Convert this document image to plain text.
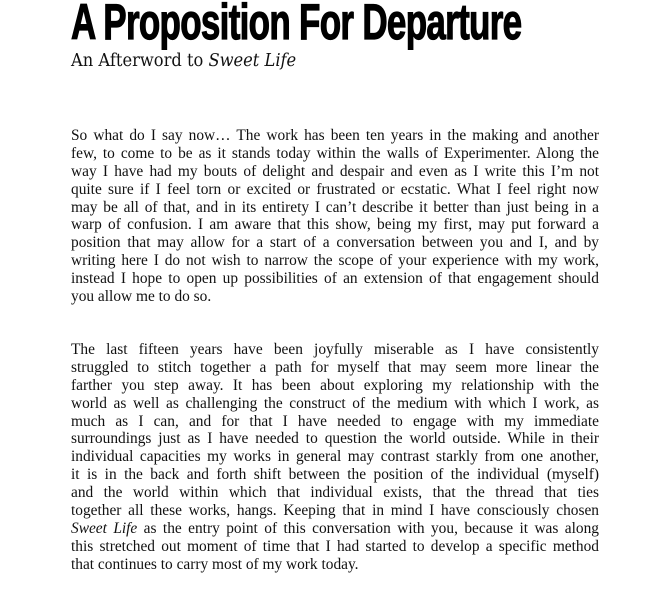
A Proposition For Departure
An Afterword to Sweet Life
So what do I say now… The work has been ten years in the making and another
few, to come to be as it stands today within the walls of Experimenter. Along the
way I have had my bouts of delight and despair and even as I write this I’m not
quite sure if I feel torn or excited or frustrated or ecstatic. What I feel right now
may be all of that, and in its entirety I can’t describe it better than just being in a
warp of confusion. I am aware that this show, being my first, may put forward a
position that may allow for a start of a conversation between you and I, and by
writing here I do not wish to narrow the scope of your experience with my work,
instead I hope to open up possibilities of an extension of that engagement should
you allow me to do so.
The last fifteen years have been joyfully miserable as I have consistently
struggled to stitch together a path for myself that may seem more linear the
farther you step away. It has been about exploring my relationship with the
world as well as challenging the construct of the medium with which I work, as
much as I can, and for that I have needed to engage with my immediate
surroundings just as I have needed to question the world outside. While in their
individual capacities my works in general may contrast starkly from one another,
it is in the back and forth shift between the position of the individual (myself)
and the world within which that individual exists, that the thread that ties
together all these works, hangs. Keeping that in mind I have consciously chosen
Sweet Life as the entry point of this conversation with you, because it was along
this stretched out moment of time that I had started to develop a specific method
that continues to carry most of my work today.
